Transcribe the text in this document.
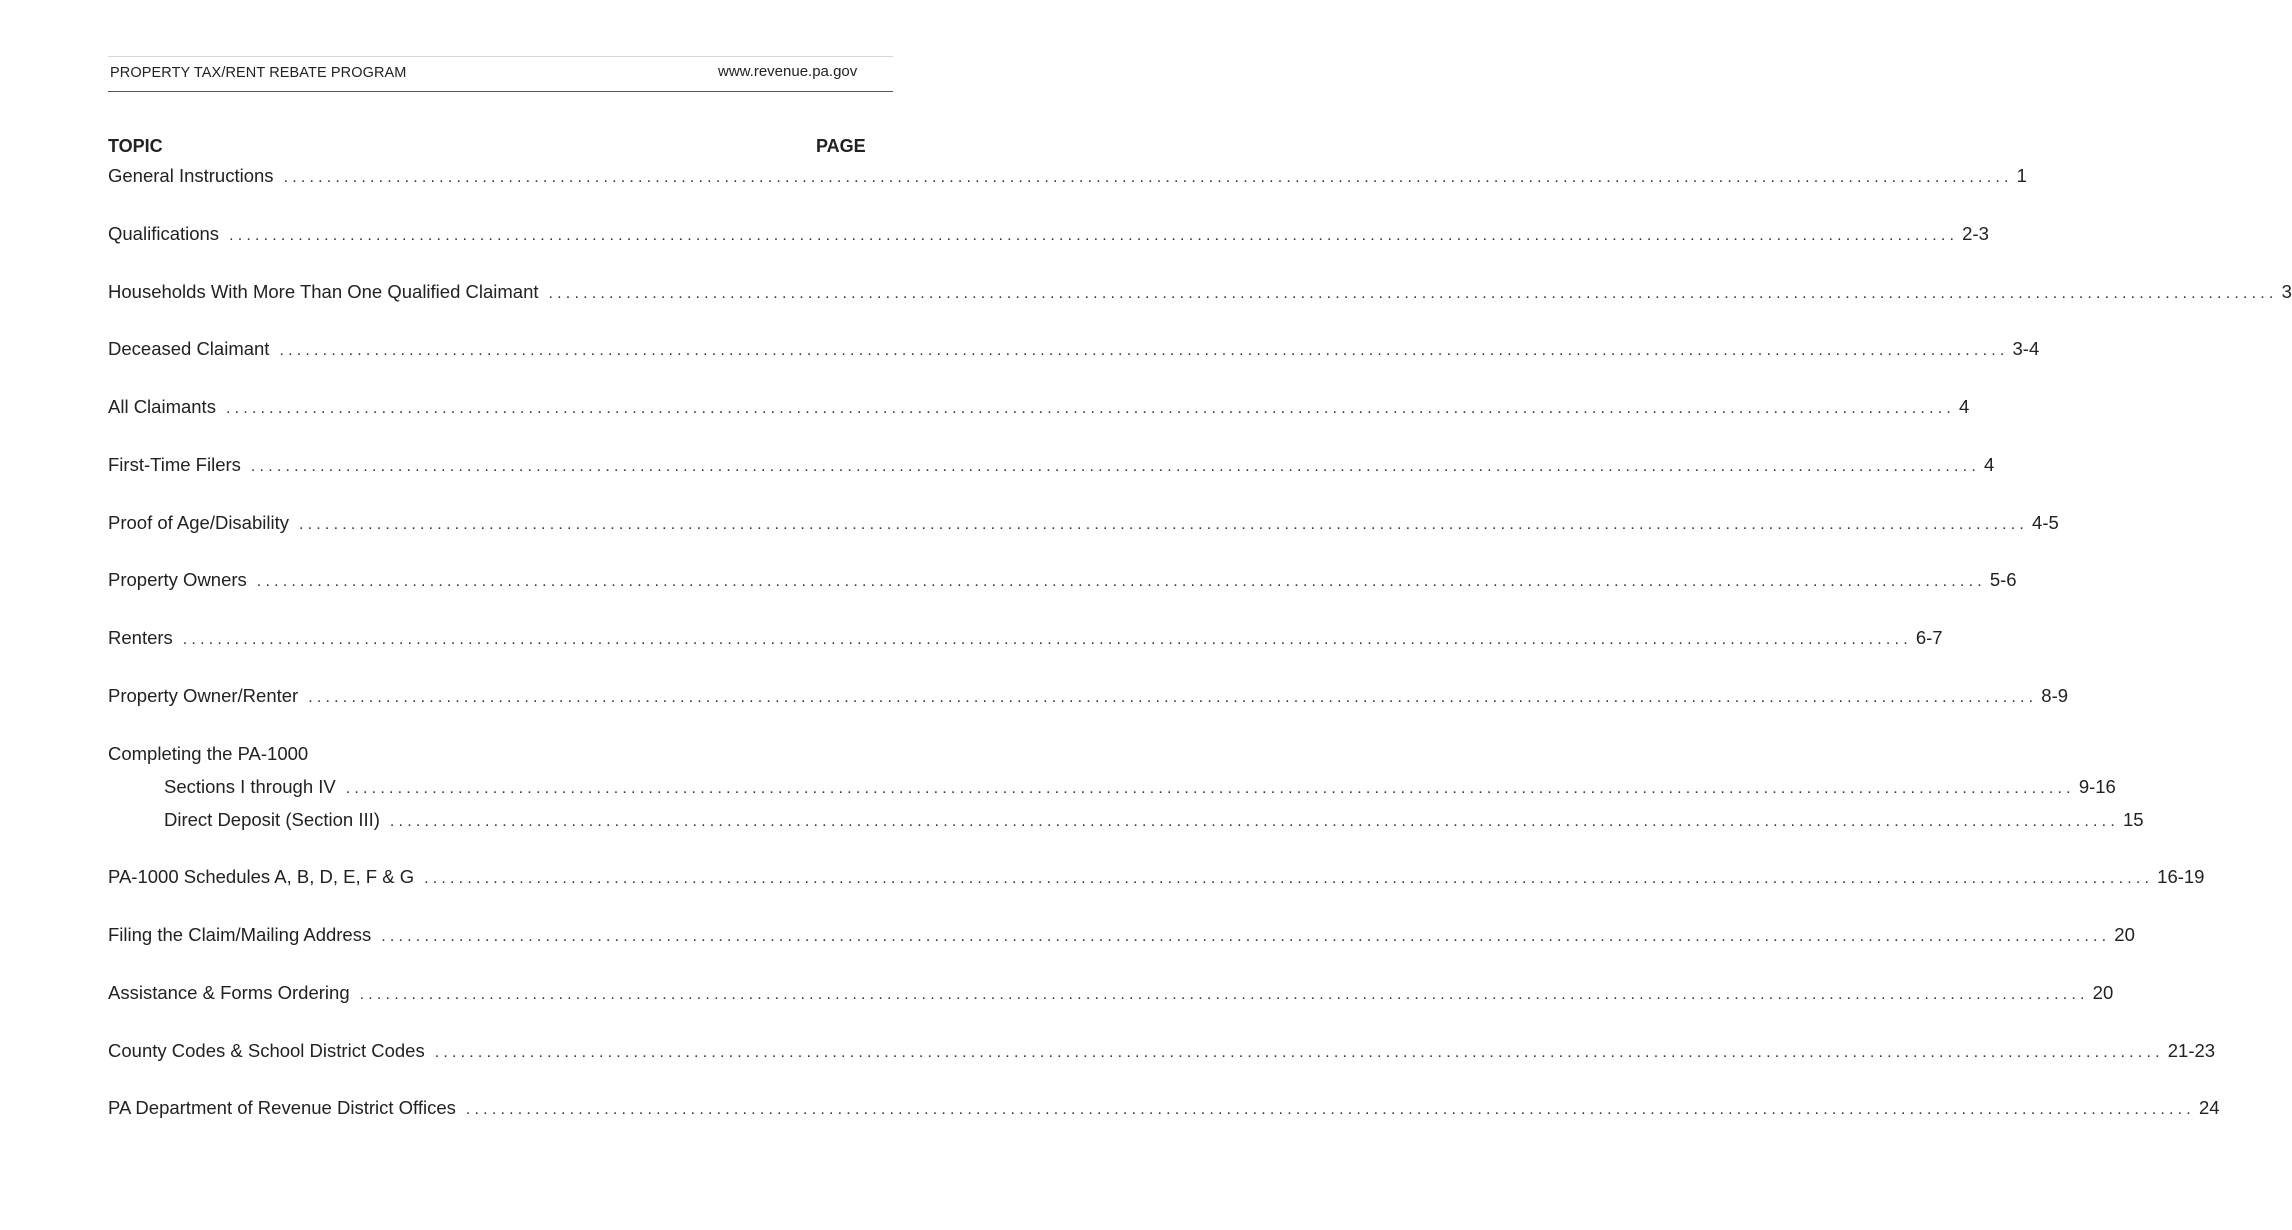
PROPERTY TAX/RENT REBATE PROGRAM	www.revenue.pa.gov
TOPIC	PAGE
General Instructions ........................................................................................................................................................................................................ 1
Qualifications ........................................................................................................................................................................................................ 2-3
Households With More Than One Qualified Claimant ........................................................................................................................................................................................................ 3
Deceased Claimant ........................................................................................................................................................................................................ 3-4
All Claimants ........................................................................................................................................................................................................ 4
First-Time Filers ........................................................................................................................................................................................................ 4
Proof of Age/Disability ........................................................................................................................................................................................................ 4-5
Property Owners ........................................................................................................................................................................................................ 5-6
Renters ........................................................................................................................................................................................................ 6-7
Property Owner/Renter ........................................................................................................................................................................................................ 8-9
Completing the PA-1000
Sections I through IV ........................................................................................................................................................................................................ 9-16
Direct Deposit (Section III) ........................................................................................................................................................................................................ 15
PA-1000 Schedules A, B, D, E, F & G ........................................................................................................................................................................................................ 16-19
Filing the Claim/Mailing Address ........................................................................................................................................................................................................ 20
Assistance & Forms Ordering ........................................................................................................................................................................................................ 20
County Codes & School District Codes ........................................................................................................................................................................................................ 21-23
PA Department of Revenue District Offices ........................................................................................................................................................................................................ 24
